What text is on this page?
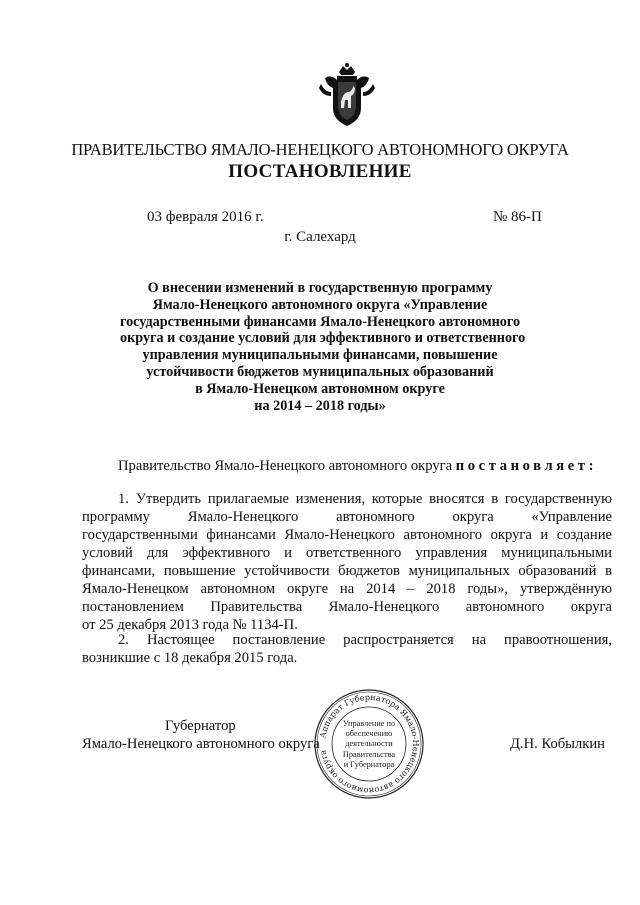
ПРАВИТЕЛЬСТВО ЯМАЛО-НЕНЕЦКОГО АВТОНОМНОГО ОКРУГА
ПОСТАНОВЛЕНИЕ
03 февраля 2016 г.	№ 86-П
г. Салехард
О внесении изменений в государственную программу
Ямало-Ненецкого автономного округа «Управление
государственными финансами Ямало-Ненецкого автономного
округа и создание условий для эффективного и ответственного
управления муниципальными финансами, повышение
устойчивости бюджетов муниципальных образований
в Ямало-Ненецком автономном округе
на 2014 – 2018 годы»
Правительство Ямало-Ненецкого автономного округа постановляет:
1. Утвердить прилагаемые изменения, которые вносятся в государственную
программу Ямало-Ненецкого автономного округа «Управление
государственными финансами Ямало-Ненецкого автономного округа и создание
условий для эффективного и ответственного управления муниципальными
финансами, повышение устойчивости бюджетов муниципальных образований в
Ямало-Ненецком автономном округе на 2014 – 2018 годы», утверждённую
постановлением Правительства Ямало-Ненецкого автономного округа
от 25 декабря 2013 года № 1134-П.
2. Настоящее постановление распространяется на правоотношения,
возникшие с 18 декабря 2015 года.
Губернатор
Ямало-Ненецкого автономного округа	Д.Н. Кобылкин
Аппарат Губернатора Ямало-Ненецкого автономного округа
Управление по
обеспечению
деятельности
Правительства
и Губернатора
